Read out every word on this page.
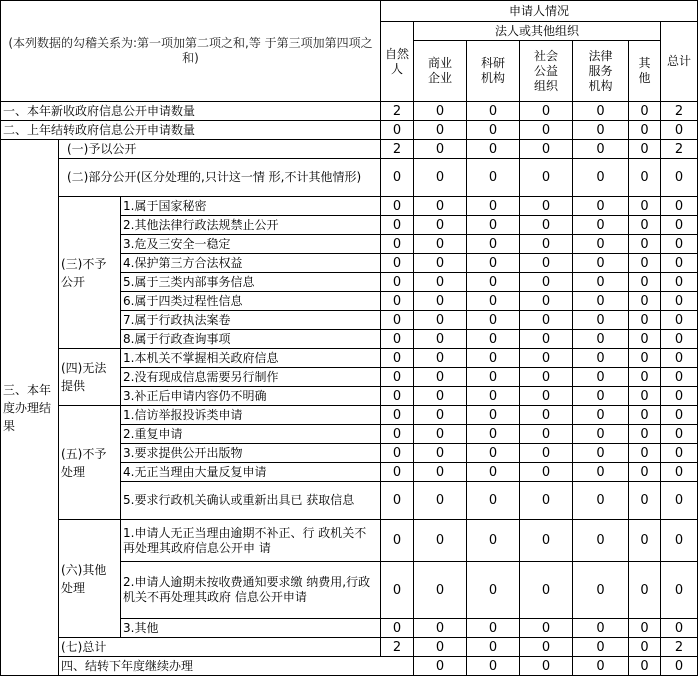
(本列数据的勾稽关系为:第一项加第二项之和,等 于第三项加第四项之和)			申请人情况							
			自然人	法人或其他组织					总计	
				商业企业	科研机构	社会公益组织	法律服务机构	其他		
一、本年新收政府信息公开申请数量			2	0	0	0	0	0	2	
二、上年结转政府信息公开申请数量			0	0	0	0	0	0	0	
三、本年度办理结果	(一)予以公开		2	0	0	0	0	0	2	
	(二)部分公开(区分处理的,只计这一情 形,不计其他情形)		0	0	0	0	0	0	0	
	(三)不予公开	1.属于国家秘密	0	0	0	0	0	0	0	
		2.其他法律行政法规禁止公开	0	0	0	0	0	0	0	
		3.危及三安全一稳定	0	0	0	0	0	0	0	
		4.保护第三方合法权益	0	0	0	0	0	0	0	
		5.属于三类内部事务信息	0	0	0	0	0	0	0	
		6.属于四类过程性信息	0	0	0	0	0	0	0	
		7.属于行政执法案卷	0	0	0	0	0	0	0	
		8.属于行政查询事项	0	0	0	0	0	0	0	
	(四)无法提供	1.本机关不掌握相关政府信息	0	0	0	0	0	0	0	
		2.没有现成信息需要另行制作	0	0	0	0	0	0	0	
		3.补正后申请内容仍不明确	0	0	0	0	0	0	0	
	(五)不予处理	1.信访举报投诉类申请	0	0	0	0	0	0	0	
		2.重复申请	0	0	0	0	0	0	0	
		3.要求提供公开出版物	0	0	0	0	0	0	0	
		4.无正当理由大量反复申请	0	0	0	0	0	0	0	
		5.要求行政机关确认或重新出具已 获取信息	0	0	0	0	0	0	0	
	(六)其他处理	1.申请人无正当理由逾期不补正、行 政机关不再处理其政府信息公开申 请	0	0	0	0	0	0	0	
		2.申请人逾期未按收费通知要求缴 纳费用,行政机关不再处理其政府 信息公开申请	0	0	0	0	0	0	0	
		3.其他	0	0	0	0	0	0	0	
	(七)总计		2	0	0	0	0	0	2	
	四、结转下年度继续办理			0	0	0	0	0	0	
